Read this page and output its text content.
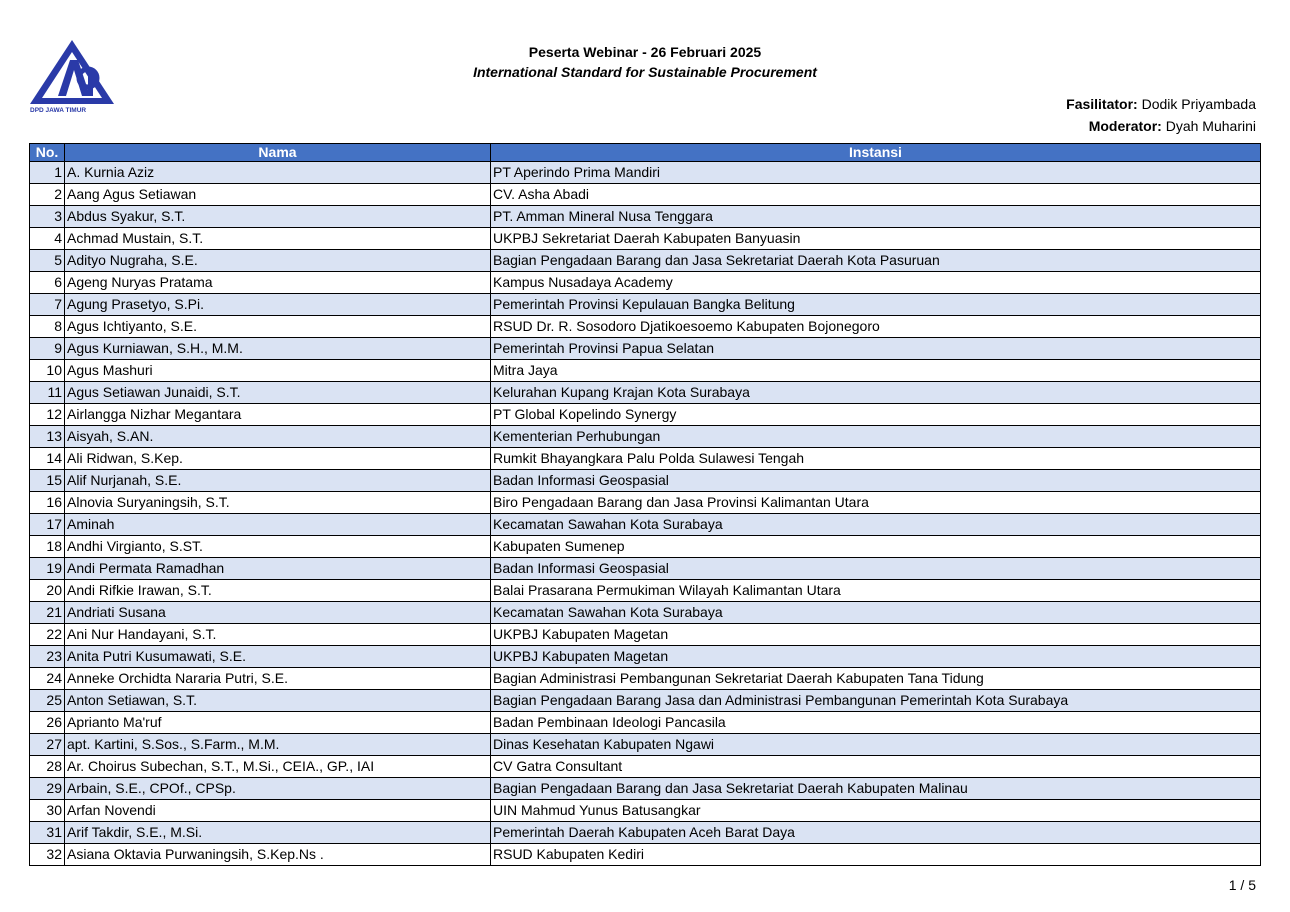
DPD JAWA TIMUR
Peserta Webinar - 26 Februari 2025
International Standard for Sustainable Procurement
Fasilitator: Dodik Priyambada
Moderator: Dyah Muharini
No.	Nama	Instansi
1	A. Kurnia Aziz	PT Aperindo Prima Mandiri
2	Aang Agus Setiawan	CV. Asha Abadi
3	Abdus Syakur, S.T.	PT. Amman Mineral Nusa Tenggara
4	Achmad Mustain, S.T.	UKPBJ Sekretariat Daerah Kabupaten Banyuasin
5	Adityo Nugraha, S.E.	Bagian Pengadaan Barang dan Jasa Sekretariat Daerah Kota Pasuruan
6	Ageng Nuryas Pratama	Kampus Nusadaya Academy
7	Agung Prasetyo, S.Pi.	Pemerintah Provinsi Kepulauan Bangka Belitung
8	Agus Ichtiyanto, S.E.	RSUD Dr. R. Sosodoro Djatikoesoemo Kabupaten Bojonegoro
9	Agus Kurniawan, S.H., M.M.	Pemerintah Provinsi Papua Selatan
10	Agus Mashuri	Mitra Jaya
11	Agus Setiawan Junaidi, S.T.	Kelurahan Kupang Krajan Kota Surabaya
12	Airlangga Nizhar Megantara	PT Global Kopelindo Synergy
13	Aisyah, S.AN.	Kementerian Perhubungan
14	Ali Ridwan, S.Kep.	Rumkit Bhayangkara Palu Polda Sulawesi Tengah
15	Alif Nurjanah, S.E.	Badan Informasi Geospasial
16	Alnovia Suryaningsih, S.T.	Biro Pengadaan Barang dan Jasa Provinsi Kalimantan Utara
17	Aminah	Kecamatan Sawahan Kota Surabaya
18	Andhi Virgianto, S.ST.	Kabupaten Sumenep
19	Andi Permata Ramadhan	Badan Informasi Geospasial
20	Andi Rifkie Irawan, S.T.	Balai Prasarana Permukiman Wilayah Kalimantan Utara
21	Andriati Susana	Kecamatan Sawahan Kota Surabaya
22	Ani Nur Handayani, S.T.	UKPBJ Kabupaten Magetan
23	Anita Putri Kusumawati, S.E.	UKPBJ Kabupaten Magetan
24	Anneke Orchidta Nararia Putri, S.E.	Bagian Administrasi Pembangunan Sekretariat Daerah Kabupaten Tana Tidung
25	Anton Setiawan, S.T.	Bagian Pengadaan Barang Jasa dan Administrasi Pembangunan Pemerintah Kota Surabaya
26	Aprianto Ma'ruf	Badan Pembinaan Ideologi Pancasila
27	apt. Kartini, S.Sos., S.Farm., M.M.	Dinas Kesehatan Kabupaten Ngawi
28	Ar. Choirus Subechan, S.T., M.Si., CEIA., GP., IAI	CV Gatra Consultant
29	Arbain, S.E., CPOf., CPSp.	Bagian Pengadaan Barang dan Jasa Sekretariat Daerah Kabupaten Malinau
30	Arfan Novendi	UIN Mahmud Yunus Batusangkar
31	Arif Takdir, S.E., M.Si.	Pemerintah Daerah Kabupaten Aceh Barat Daya
32	Asiana Oktavia Purwaningsih, S.Kep.Ns .	RSUD Kabupaten Kediri
1 / 5
